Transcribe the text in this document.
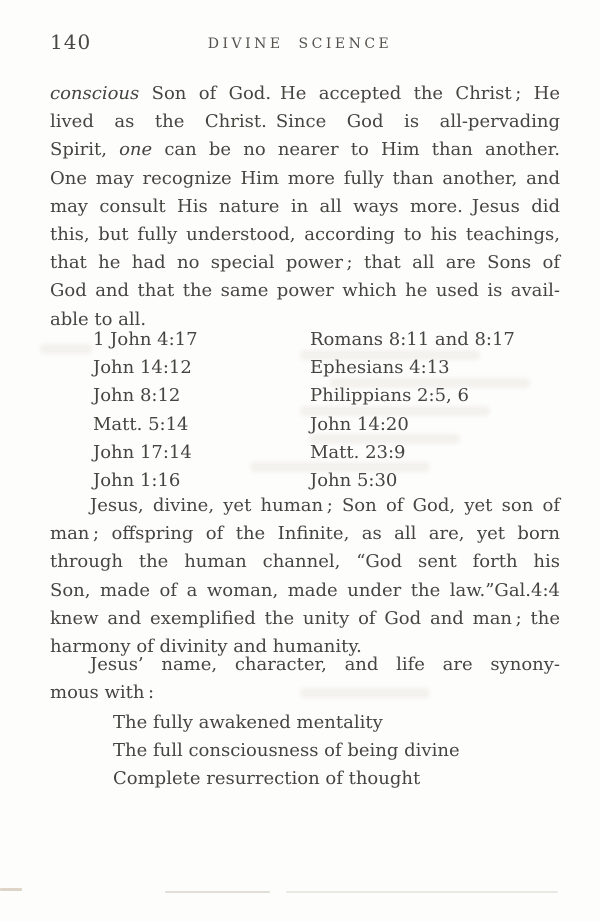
140	DIVINE SCIENCE
conscious Son of God. He accepted the Christ ; He
lived as the Christ. Since God is all-pervading
Spirit, one can be no nearer to Him than another.
One may recognize Him more fully than another, and
may consult His nature in all ways more. Jesus did
this, but fully understood, according to his teachings,
that he had no special power ; that all are Sons of
God and that the same power which he used is avail-
able to all.
1 John 4:17	Romans 8:11 and 8:17
John 14:12	Ephesians 4:13
John 8:12	Philippians 2:5, 6
Matt. 5:14	John 14:20
John 17:14	Matt. 23:9
John 1:16	John 5:30
Jesus, divine, yet human ; Son of God, yet son of
man ; offspring of the Infinite, as all are, yet born
through the human channel, “God sent forth his
Son, made of a woman, made under the law.”Gal.4:4
knew and exemplified the unity of God and man ; the
harmony of divinity and humanity.
Jesus’ name, character, and life are synony-
mous with :
The fully awakened mentality
The full consciousness of being divine
Complete resurrection of thought
